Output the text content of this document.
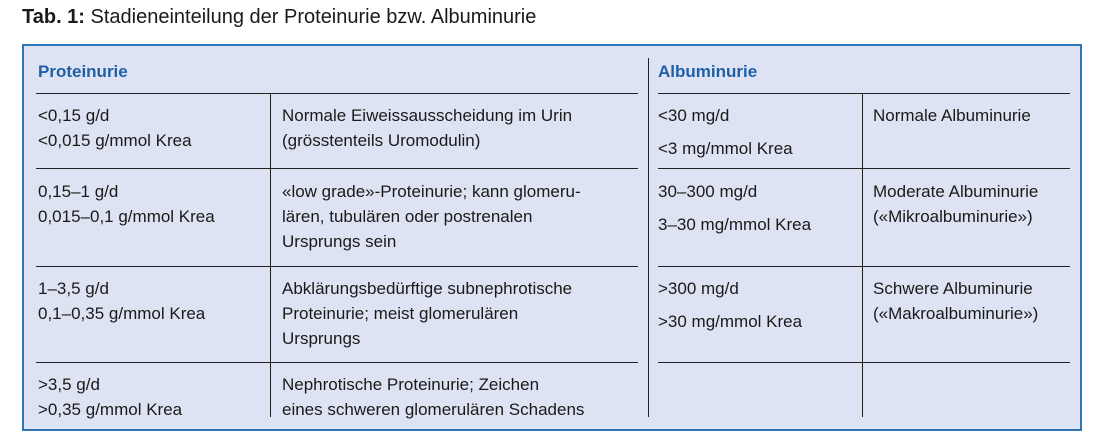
Tab. 1: Stadieneinteilung der Proteinurie bzw. Albuminurie
Proteinurie	Albuminurie
<0,15 g/d
<0,015 g/mmol Krea
Normale Eiweissausscheidung im Urin
(grösstenteils Uromodulin)
<30 mg/d
<3 mg/mmol Krea
Normale Albuminurie
0,15–1 g/d
0,015–0,1 g/mmol Krea
«low grade»-Proteinurie; kann glomeru-
lären, tubulären oder postrenalen
Ursprungs sein
30–300 mg/d
3–30 mg/mmol Krea
Moderate Albuminurie
(«Mikroalbuminurie»)
1–3,5 g/d
0,1–0,35 g/mmol Krea
Abklärungsbedürftige subnephrotische
Proteinurie; meist glomerulären
Ursprungs
>300 mg/d
>30 mg/mmol Krea
Schwere Albuminurie
(«Makroalbuminurie»)
>3,5 g/d
>0,35 g/mmol Krea
Nephrotische Proteinurie; Zeichen
eines schweren glomerulären Schadens
